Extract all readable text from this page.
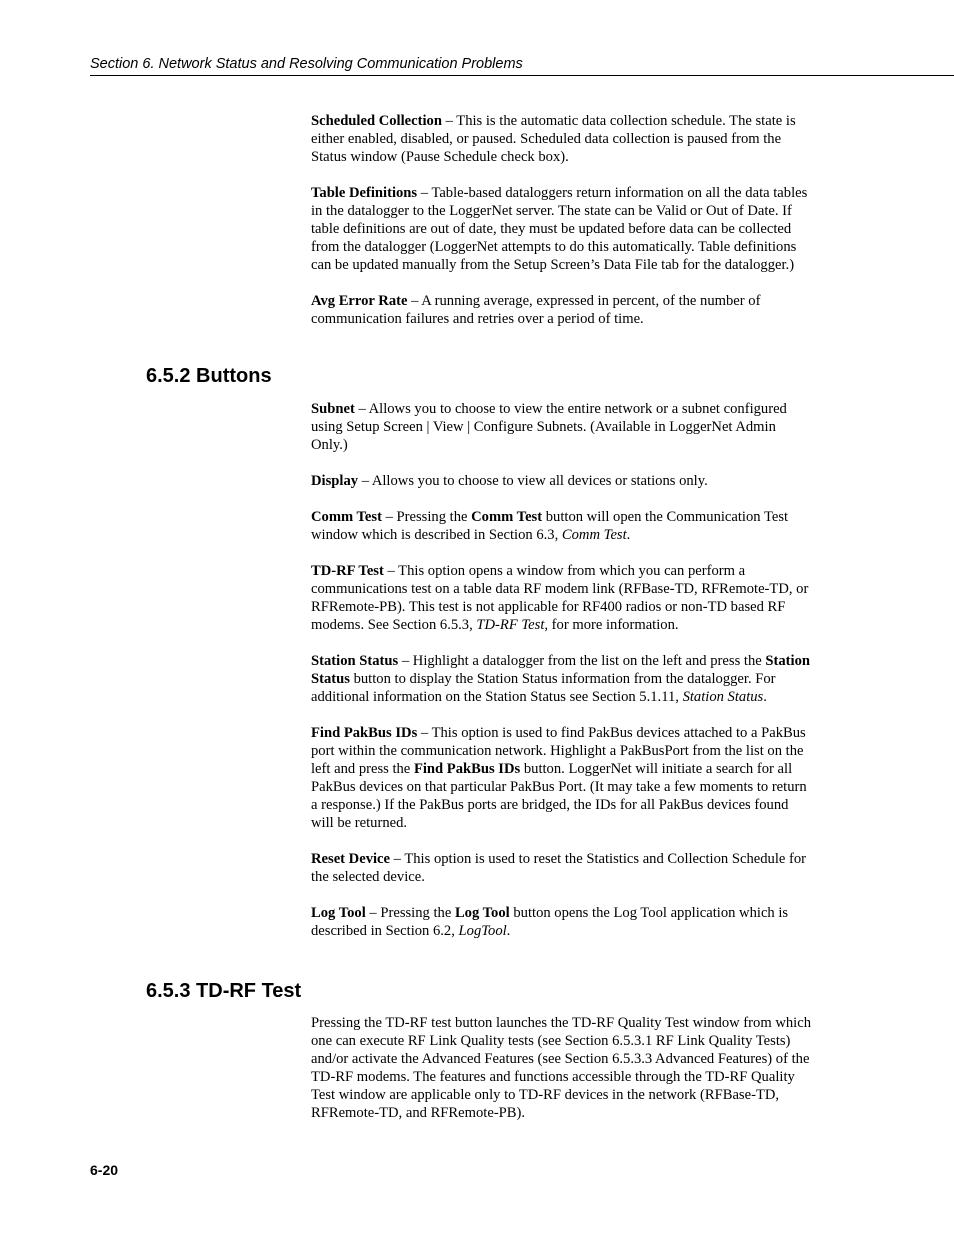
Section 6. Network Status and Resolving Communication Problems

Scheduled Collection – This is the automatic data collection schedule. The state is either enabled, disabled, or paused. Scheduled data collection is paused from the Status window (Pause Schedule check box).

Table Definitions – Table-based dataloggers return information on all the data tables in the datalogger to the LoggerNet server. The state can be Valid or Out of Date. If table definitions are out of date, they must be updated before data can be collected from the datalogger (LoggerNet attempts to do this automatically. Table definitions can be updated manually from the Setup Screen’s Data File tab for the datalogger.)

Avg Error Rate – A running average, expressed in percent, of the number of communication failures and retries over a period of time.

6.5.2 Buttons

Subnet – Allows you to choose to view the entire network or a subnet configured using Setup Screen | View | Configure Subnets. (Available in LoggerNet Admin Only.)

Display – Allows you to choose to view all devices or stations only.

Comm Test – Pressing the Comm Test button will open the Communication Test window which is described in Section 6.3, Comm Test.

TD-RF Test – This option opens a window from which you can perform a communications test on a table data RF modem link (RFBase-TD, RFRemote-TD, or RFRemote-PB). This test is not applicable for RF400 radios or non-TD based RF modems. See Section 6.5.3, TD-RF Test, for more information.

Station Status – Highlight a datalogger from the list on the left and press the Station Status button to display the Station Status information from the datalogger. For additional information on the Station Status see Section 5.1.11, Station Status.

Find PakBus IDs – This option is used to find PakBus devices attached to a PakBus port within the communication network. Highlight a PakBusPort from the list on the left and press the Find PakBus IDs button. LoggerNet will initiate a search for all PakBus devices on that particular PakBus Port. (It may take a few moments to return a response.) If the PakBus ports are bridged, the IDs for all PakBus devices found will be returned.

Reset Device – This option is used to reset the Statistics and Collection Schedule for the selected device.

Log Tool – Pressing the Log Tool button opens the Log Tool application which is described in Section 6.2, LogTool.

6.5.3 TD-RF Test

Pressing the TD-RF test button launches the TD-RF Quality Test window from which one can execute RF Link Quality tests (see Section 6.5.3.1 RF Link Quality Tests) and/or activate the Advanced Features (see Section 6.5.3.3 Advanced Features) of the TD-RF modems. The features and functions accessible through the TD-RF Quality Test window are applicable only to TD-RF devices in the network (RFBase-TD, RFRemote-TD, and RFRemote-PB).

6-20
